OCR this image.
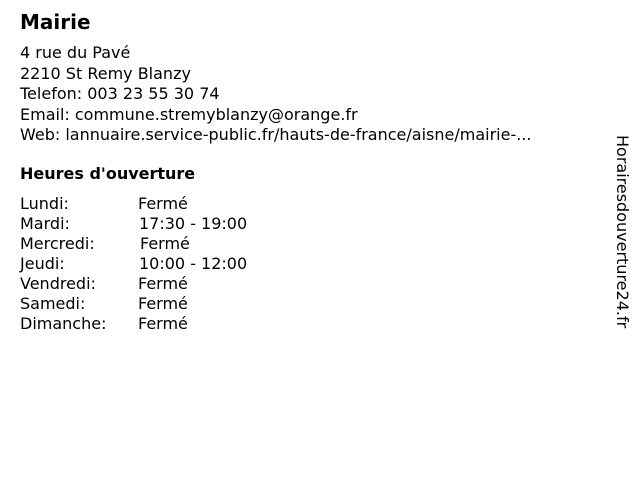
Mairie
4 rue du Pavé
2210 St Remy Blanzy
Telefon: 003 23 55 30 74
Email: commune.stremyblanzy@orange.fr
Web: lannuaire.service-public.fr/hauts-de-france/aisne/mairie-...
Heures d'ouverture
Lundi:	Fermé
Mardi:	17:30 - 19:00
Mercredi:	Fermé
Jeudi:	10:00 - 12:00
Vendredi:	Fermé
Samedi:	Fermé
Dimanche: Fermé	Horairesdouverture24.fr
